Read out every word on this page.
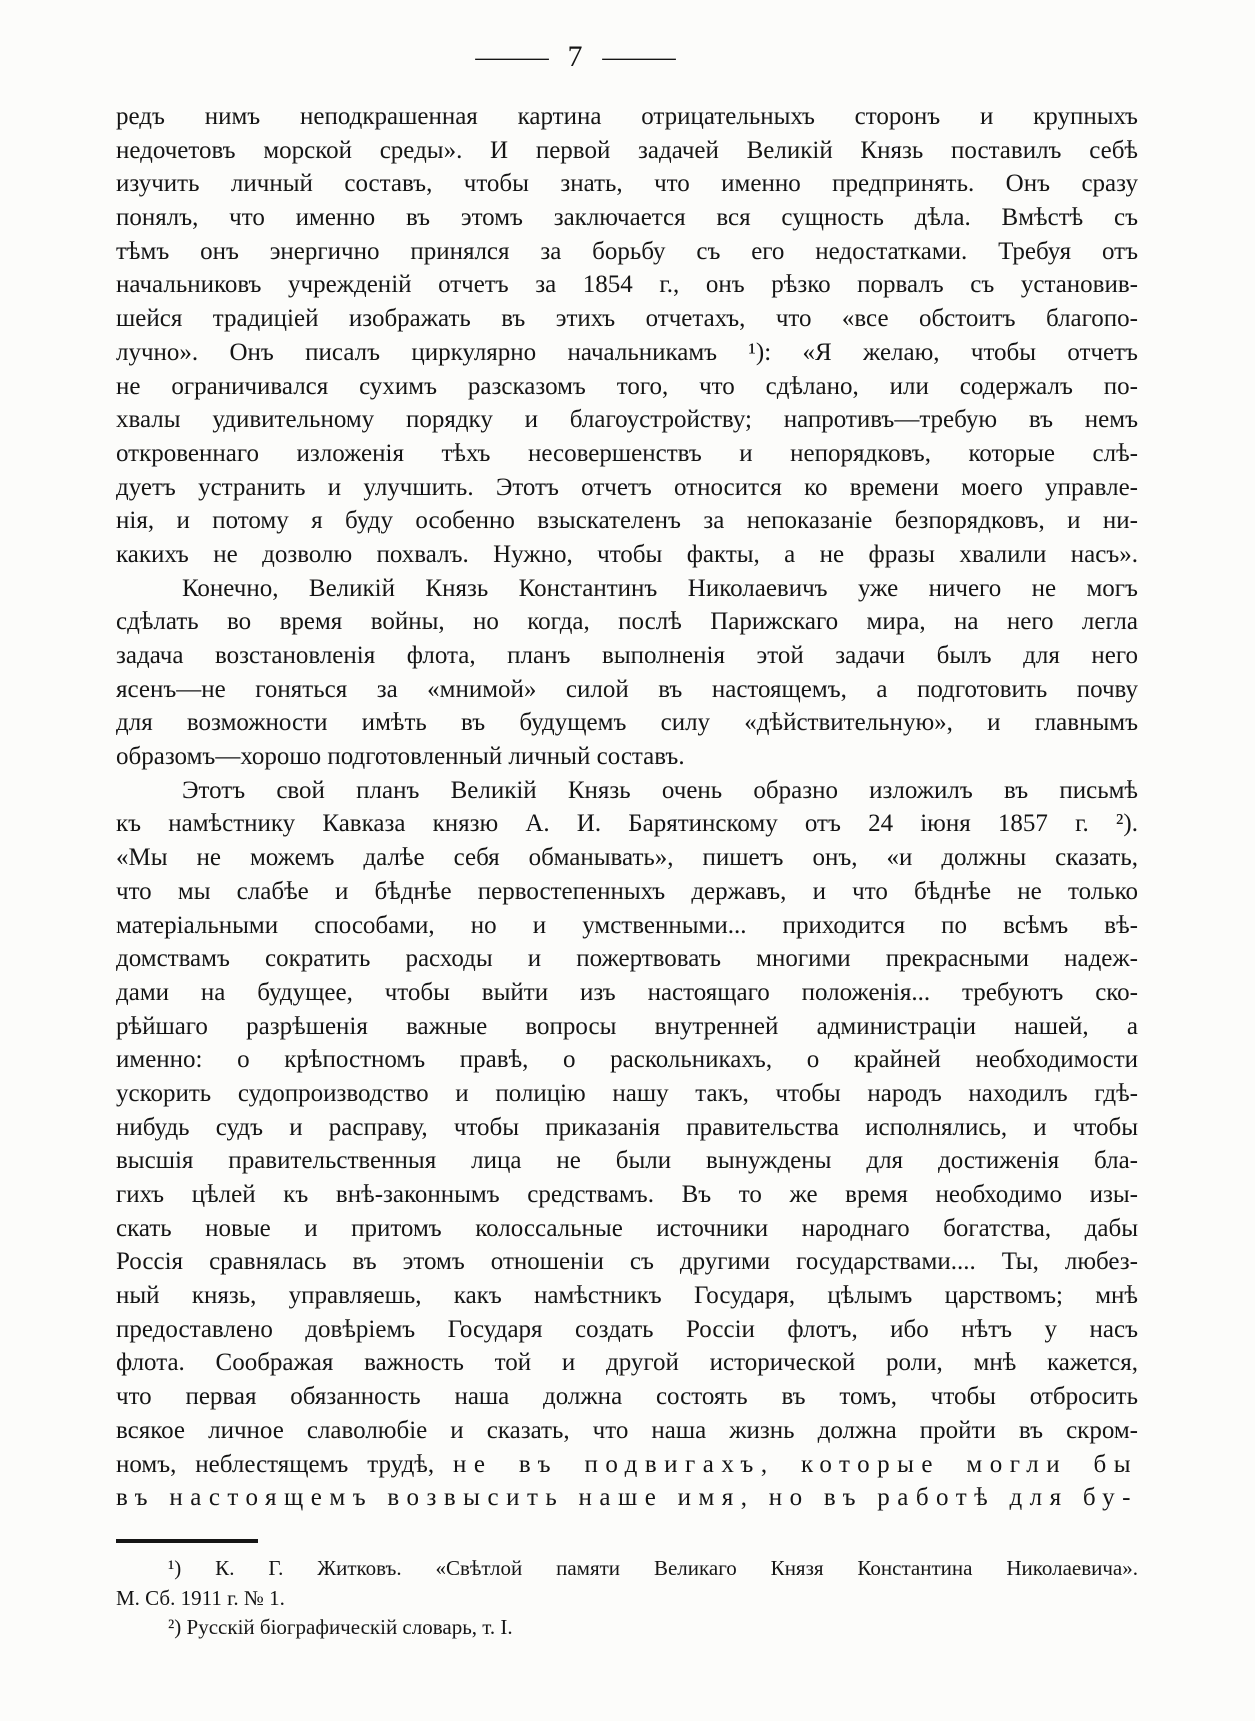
— 7 —
редъ нимъ неподкрашенная картина отрицательныхъ сторонъ и крупныхъ
недочетовъ морской среды». И первой задачей Великій Князь поставилъ себѣ
изучить личный составъ, чтобы знать, что именно предпринять. Онъ сразу
понялъ, что именно въ этомъ заключается вся сущность дѣла. Вмѣстѣ съ
тѣмъ онъ энергично принялся за борьбу съ его недостатками. Требуя отъ
начальниковъ учрежденій отчетъ за 1854 г., онъ рѣзко порвалъ съ установив-
шейся традиціей изображать въ этихъ отчетахъ, что «все обстоитъ благопо-
лучно». Онъ писалъ циркулярно начальникамъ ¹): «Я желаю, чтобы отчетъ
не ограничивался сухимъ разсказомъ того, что сдѣлано, или содержалъ по-
хвалы удивительному порядку и благоустройству; напротивъ—требую въ немъ
откровеннаго изложенія тѣхъ несовершенствъ и непорядковъ, которые слѣ-
дуетъ устранить и улучшить. Этотъ отчетъ относится ко времени моего управле-
нія, и потому я буду особенно взыскателенъ за непоказаніе безпорядковъ, и ни-
какихъ не дозволю похвалъ. Нужно, чтобы факты, а не фразы хвалили насъ».
Конечно, Великій Князь Константинъ Николаевичъ уже ничего не могъ
сдѣлать во время войны, но когда, послѣ Парижскаго мира, на него легла
задача возстановленія флота, планъ выполненія этой задачи былъ для него
ясенъ—не гоняться за «мнимой» силой въ настоящемъ, а подготовить почву
для возможности имѣть въ будущемъ силу «дѣйствительную», и главнымъ
образомъ—хорошо подготовленный личный составъ.
Этотъ свой планъ Великій Князь очень образно изложилъ въ письмѣ
къ намѣстнику Кавказа князю А. И. Барятинскому отъ 24 іюня 1857 г. ²).
«Мы не можемъ далѣе себя обманывать», пишетъ онъ, «и должны сказать,
что мы слабѣе и бѣднѣе первостепенныхъ державъ, и что бѣднѣе не только
матеріальными способами, но и умственными... приходится по всѣмъ вѣ-
домствамъ сократить расходы и пожертвовать многими прекрасными надеж-
дами на будущее, чтобы выйти изъ настоящаго положенія... требуютъ ско-
рѣйшаго разрѣшенія важные вопросы внутренней администраціи нашей, а
именно: о крѣпостномъ правѣ, о раскольникахъ, о крайней необходимости
ускорить судопроизводство и полицію нашу такъ, чтобы народъ находилъ гдѣ-
нибудь судъ и расправу, чтобы приказанія правительства исполнялись, и чтобы
высшія правительственныя лица не были вынуждены для достиженія бла-
гихъ цѣлей къ внѣ-законнымъ средствамъ. Въ то же время необходимо изы-
скать новые и притомъ колоссальные источники народнаго богатства, дабы
Россія сравнялась въ этомъ отношеніи съ другими государствами.... Ты, любез-
ный князь, управляешь, какъ намѣстникъ Государя, цѣлымъ царствомъ; мнѣ
предоставлено довѣріемъ Государя создать Россіи флотъ, ибо нѣтъ у насъ
флота. Соображая важность той и другой исторической роли, мнѣ кажется,
что первая обязанность наша должна состоять въ томъ, чтобы отбросить
всякое личное славолюбіе и сказать, что наша жизнь должна пройти въ скром-
номъ, неблестящемъ трудѣ, не въ подвигахъ, которые могли бы
въ настоящемъ возвысить наше имя, но въ работѣ для бу-
¹) К. Г. Житковъ. «Свѣтлой памяти Великаго Князя Константина Николаевича».
М. Сб. 1911 г. № 1.
²) Русскій біографическій словарь, т. I.
